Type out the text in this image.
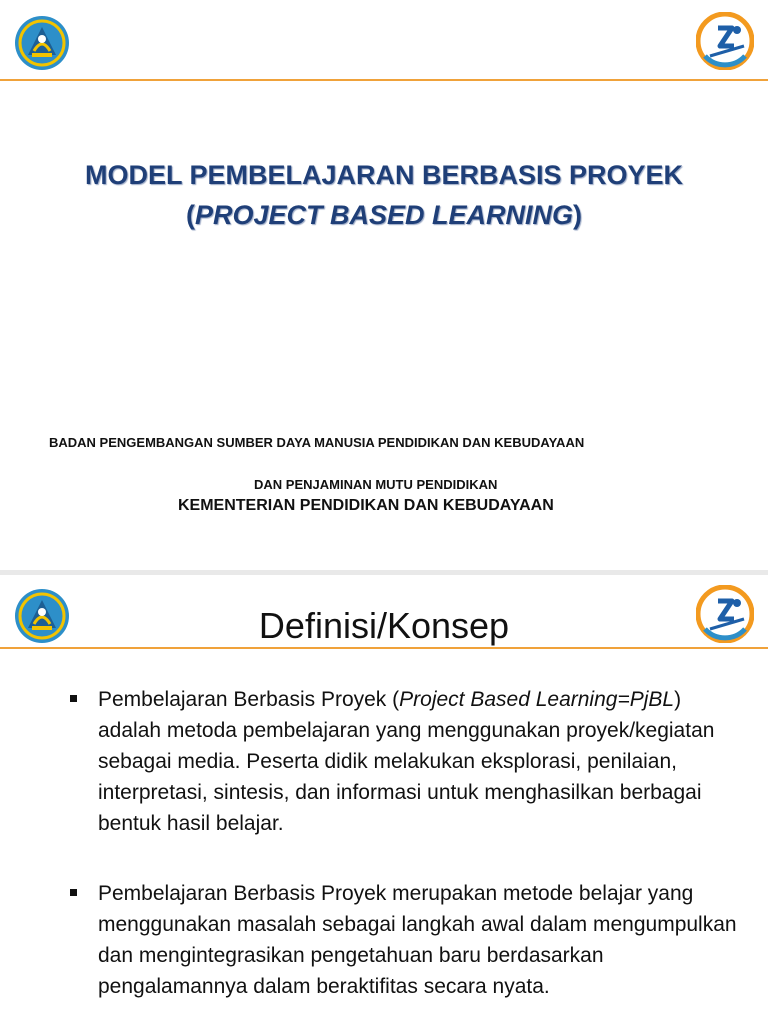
MODEL PEMBELAJARAN BERBASIS PROYEK
(PROJECT BASED LEARNING)
BADAN PENGEMBANGAN SUMBER DAYA MANUSIA PENDIDIKAN DAN KEBUDAYAAN
DAN PENJAMINAN MUTU PENDIDIKAN
KEMENTERIAN PENDIDIKAN DAN KEBUDAYAAN
Definisi/Konsep
Pembelajaran Berbasis Proyek (Project Based Learning=PjBL) adalah metoda pembelajaran yang menggunakan proyek/kegiatan sebagai media. Peserta didik melakukan eksplorasi, penilaian, interpretasi, sintesis, dan informasi untuk menghasilkan berbagai bentuk hasil belajar.
Pembelajaran Berbasis Proyek merupakan metode belajar yang menggunakan masalah sebagai langkah awal dalam mengumpulkan dan mengintegrasikan pengetahuan baru berdasarkan pengalamannya dalam beraktifitas secara nyata.
